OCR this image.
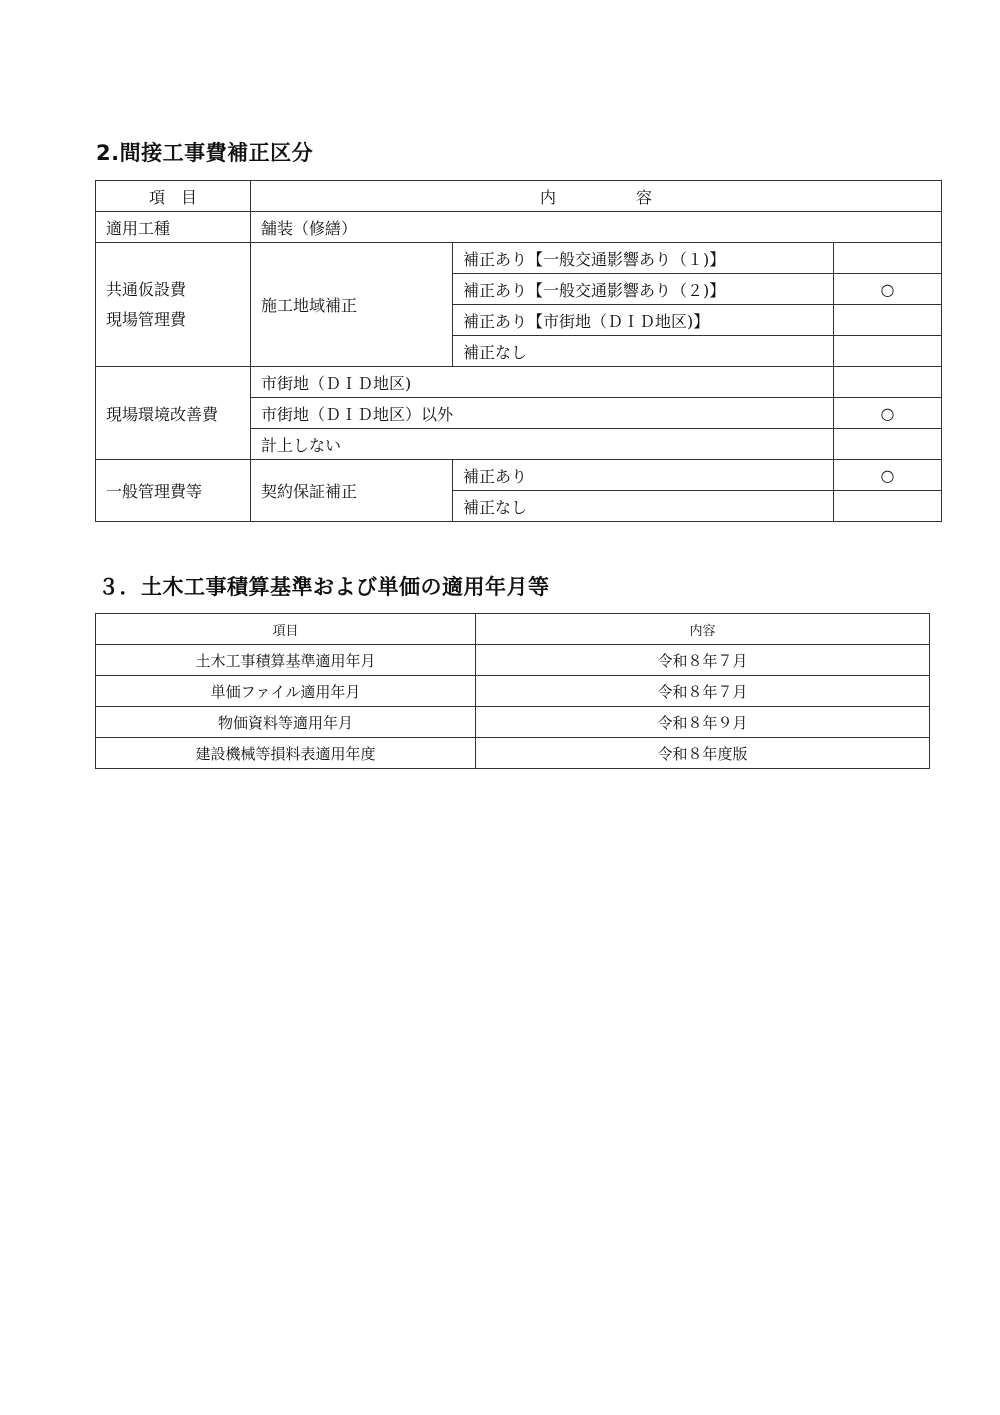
2.間接工事費補正区分
項　目	内　　　　　容		
適用工種	舗装（修繕）		

共通仮設費
現場管理費	施工地域補正	補正あり【一般交通影響あり（１)】	
		補正あり【一般交通影響あり（２)】	○
		補正あり【市街地（ＤＩＤ地区)】	
		補正なし	
現場環境改善費	市街地（ＤＩＤ地区)		
	市街地（ＤＩＤ地区）以外		○
	計上しない		
一般管理費等	契約保証補正	補正あり	○
		補正なし	
３．土木工事積算基準および単価の適用年月等
項目	内容
土木工事積算基準適用年月	令和８年７月
単価ファイル適用年月	令和８年７月
物価資料等適用年月	令和８年９月
建設機械等損料表適用年度	令和８年度版
